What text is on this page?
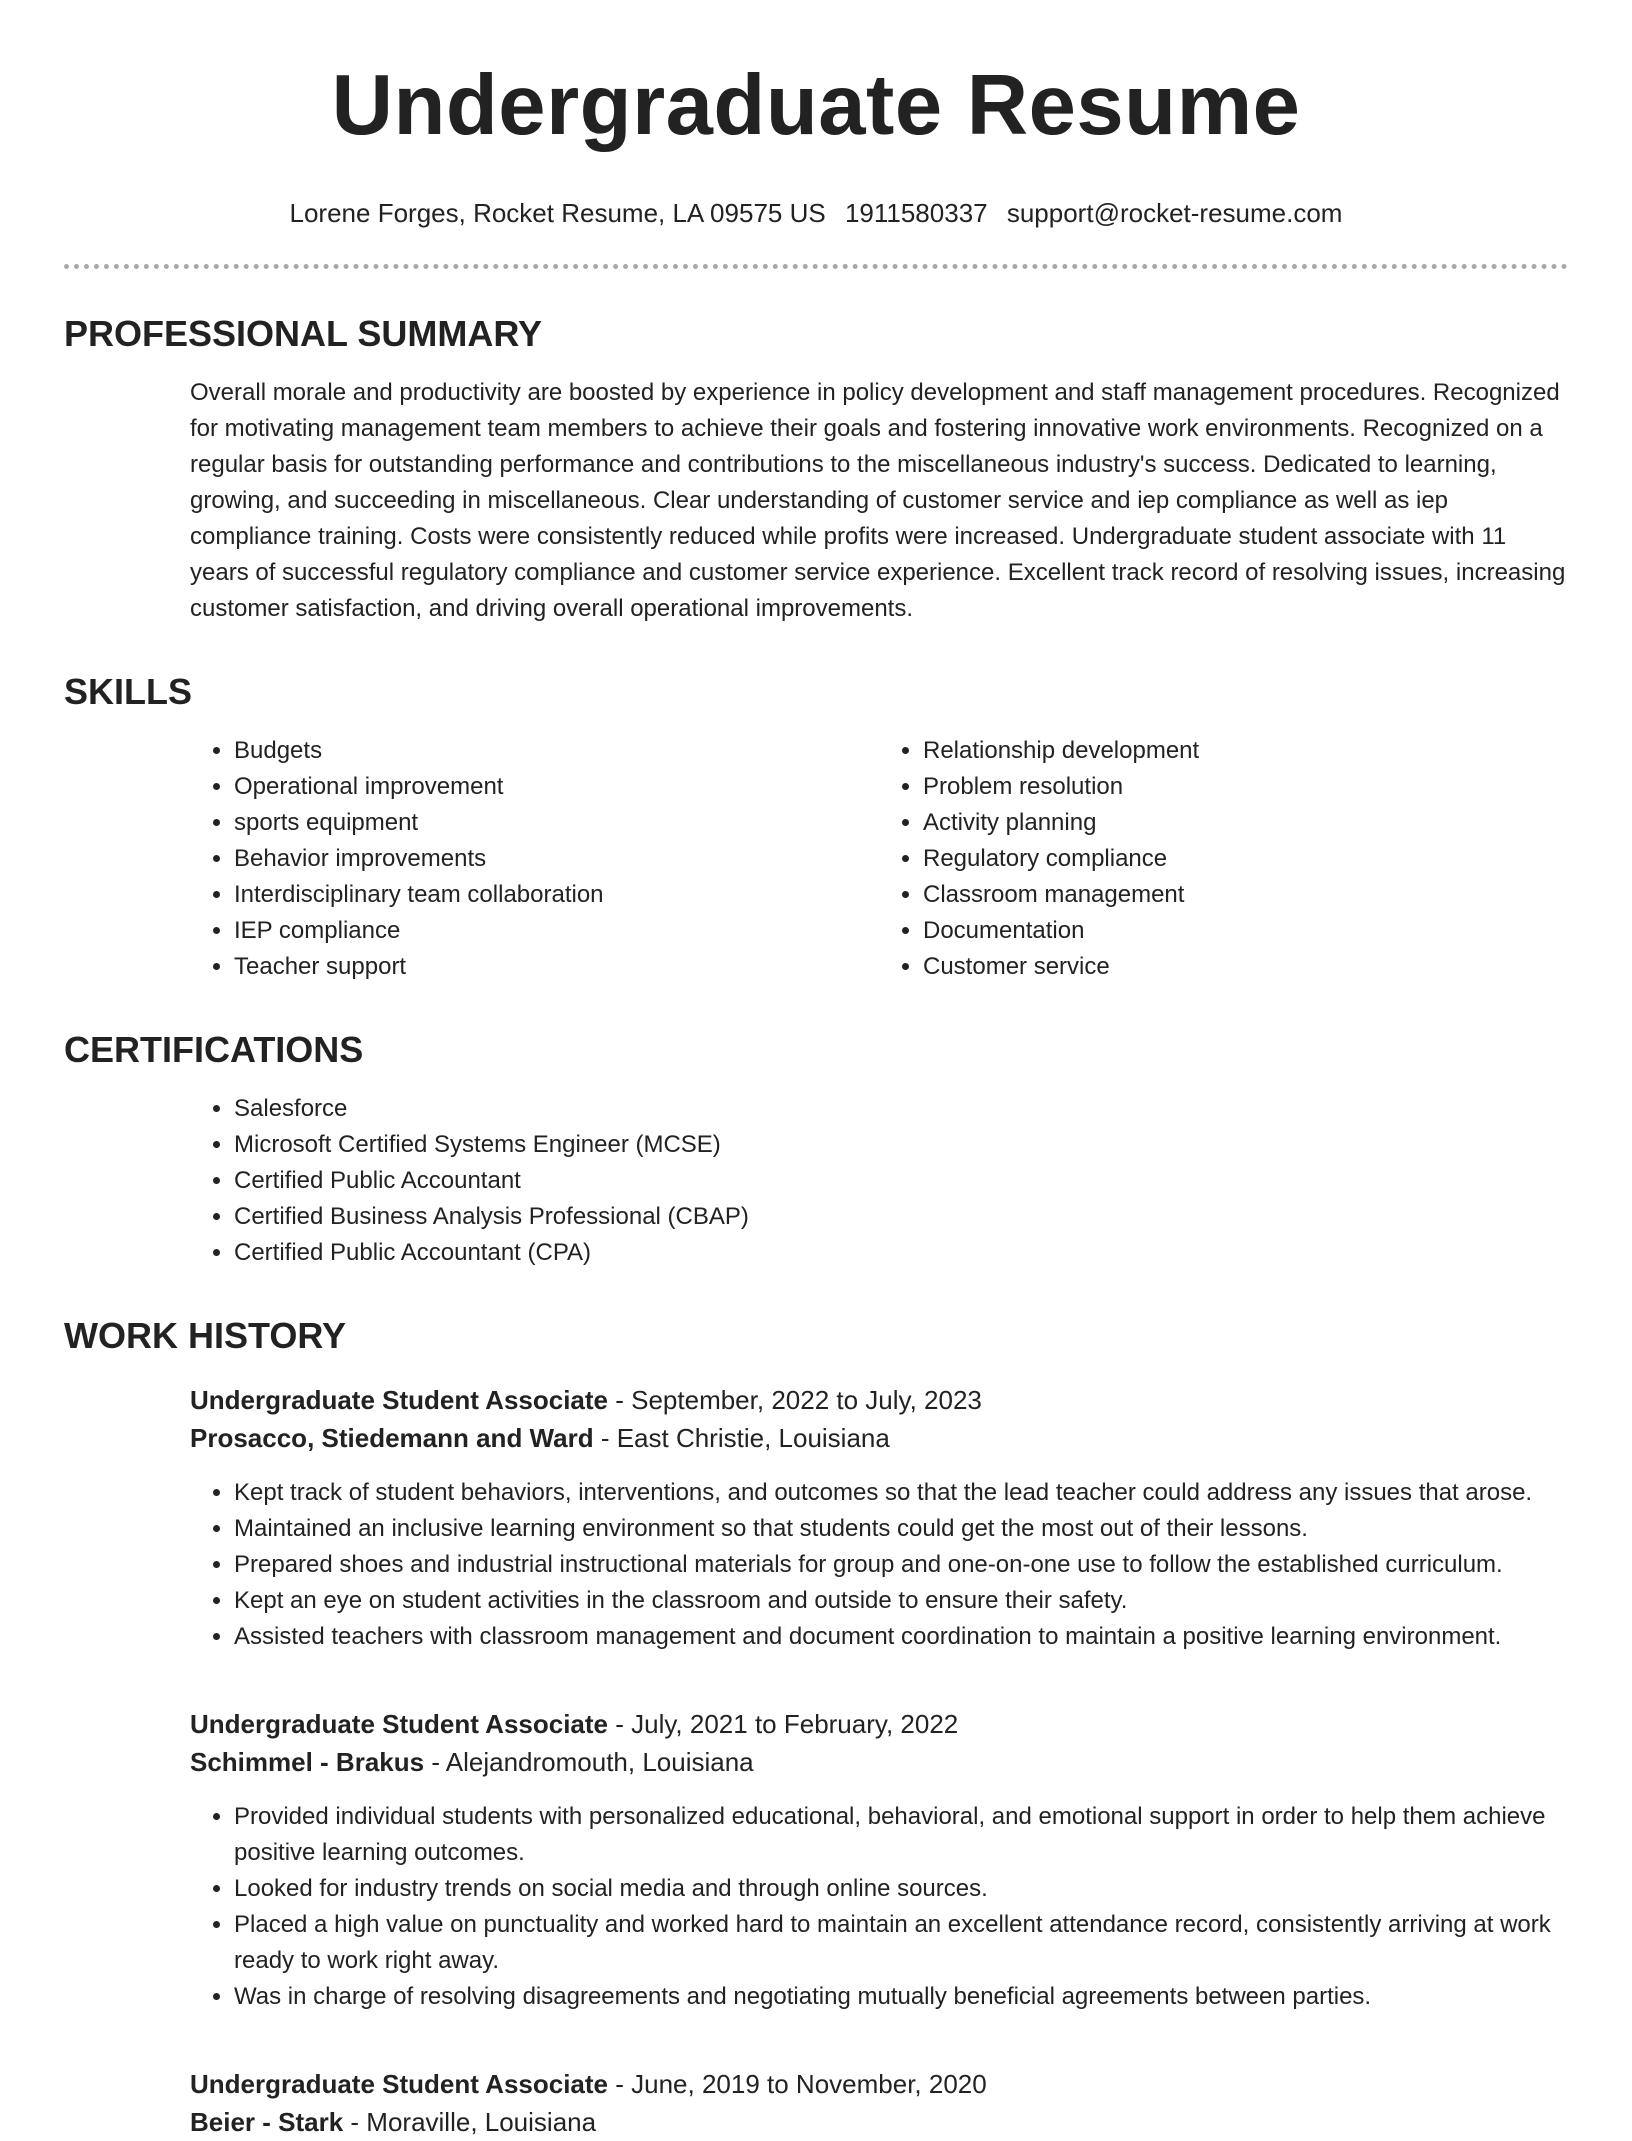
Undergraduate Resume
Lorene Forges, Rocket Resume, LA 09575 US 1911580337 support@rocket-resume.com
PROFESSIONAL SUMMARY
Overall morale and productivity are boosted by experience in policy development and staff management procedures. Recognized for motivating management team members to achieve their goals and fostering innovative work environments. Recognized on a regular basis for outstanding performance and contributions to the miscellaneous industry's success. Dedicated to learning, growing, and succeeding in miscellaneous. Clear understanding of customer service and iep compliance as well as iep compliance training. Costs were consistently reduced while profits were increased. Undergraduate student associate with 11 years of successful regulatory compliance and customer service experience. Excellent track record of resolving issues, increasing customer satisfaction, and driving overall operational improvements.
SKILLS
• Budgets
• Operational improvement
• sports equipment
• Behavior improvements
• Interdisciplinary team collaboration
• IEP compliance
• Teacher support
• Relationship development
• Problem resolution
• Activity planning
• Regulatory compliance
• Classroom management
• Documentation
• Customer service
CERTIFICATIONS
• Salesforce
• Microsoft Certified Systems Engineer (MCSE)
• Certified Public Accountant
• Certified Business Analysis Professional (CBAP)
• Certified Public Accountant (CPA)
WORK HISTORY
Undergraduate Student Associate - September, 2022 to July, 2023
Prosacco, Stiedemann and Ward - East Christie, Louisiana
• Kept track of student behaviors, interventions, and outcomes so that the lead teacher could address any issues that arose.
• Maintained an inclusive learning environment so that students could get the most out of their lessons.
• Prepared shoes and industrial instructional materials for group and one-on-one use to follow the established curriculum.
• Kept an eye on student activities in the classroom and outside to ensure their safety.
• Assisted teachers with classroom management and document coordination to maintain a positive learning environment.
Undergraduate Student Associate - July, 2021 to February, 2022
Schimmel - Brakus - Alejandromouth, Louisiana
• Provided individual students with personalized educational, behavioral, and emotional support in order to help them achieve positive learning outcomes.
• Looked for industry trends on social media and through online sources.
• Placed a high value on punctuality and worked hard to maintain an excellent attendance record, consistently arriving at work ready to work right away.
• Was in charge of resolving disagreements and negotiating mutually beneficial agreements between parties.
Undergraduate Student Associate - June, 2019 to November, 2020
Beier - Stark - Moraville, Louisiana
